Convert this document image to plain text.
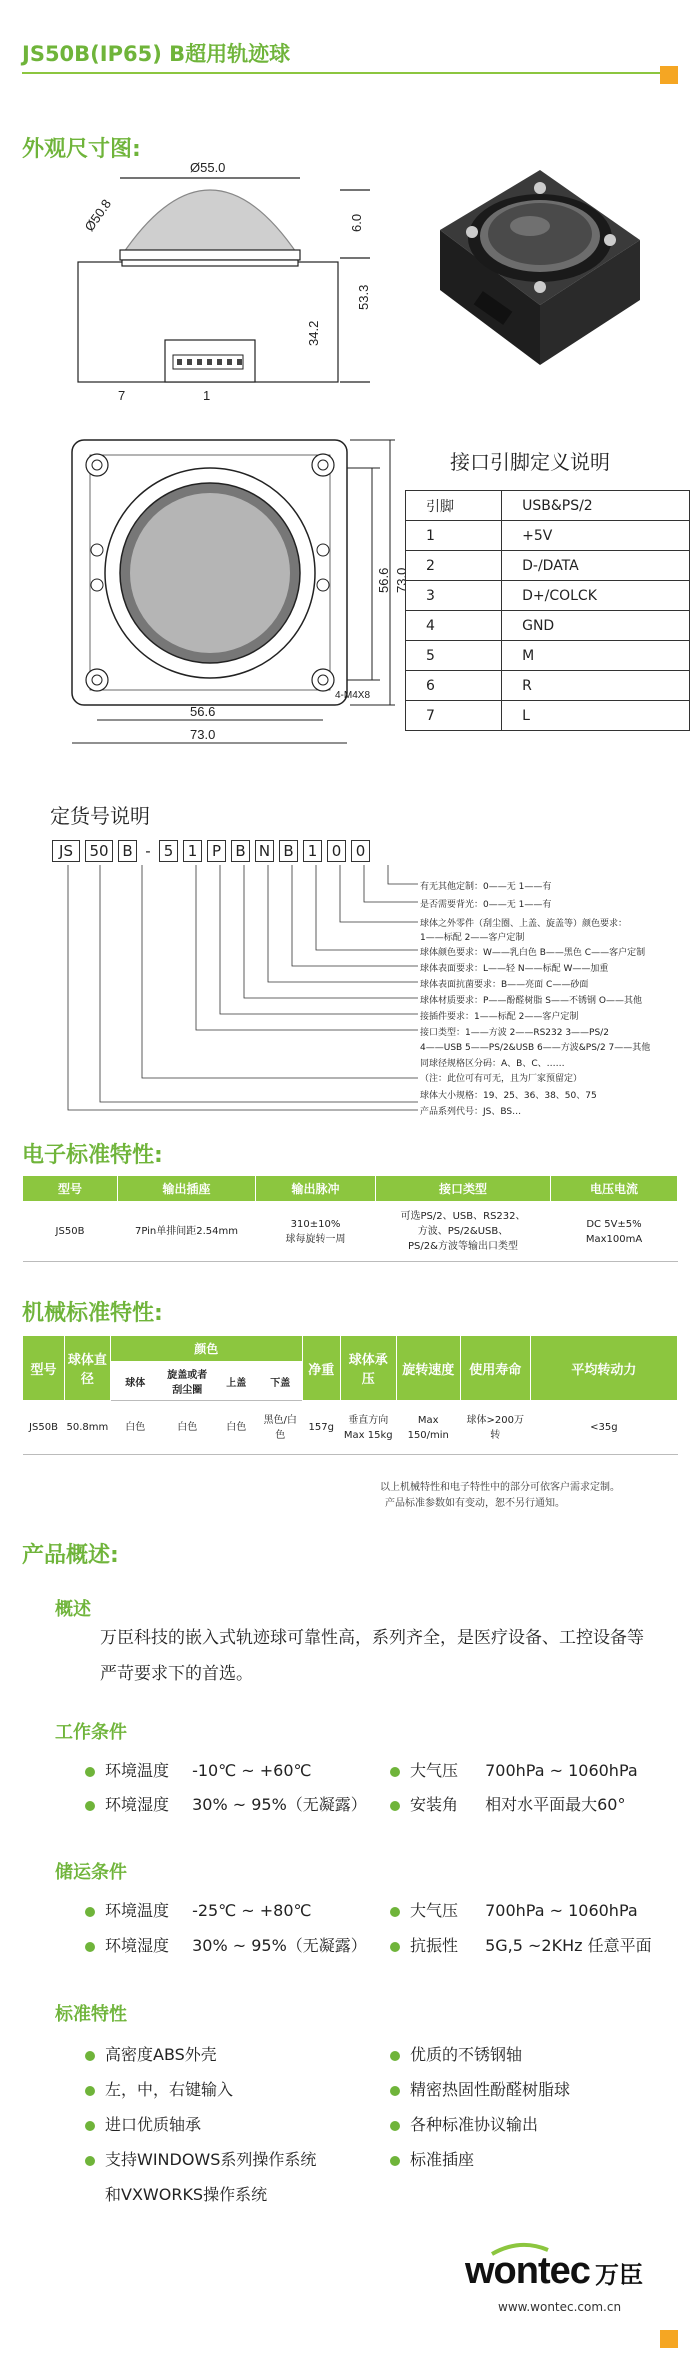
JS50B(IP65) B超用轨迹球
外观尺寸图:
Ø55.0
Ø50.8	6.0
53.3
34.2
7	1
56.6 73.0
56.6
73.0
4-M4X8
接口引脚定义说明
引脚	USB&PS/2
1	+5V
2	D-/DATA
3	D+/COLCK
4	GND
5	M
6	R
7	L
定货号说明
JS 50 B - 5 1 P B N B 1 0 0
有无其他定制：0——无 1——有
是否需要背光：0——无 1——有
球体之外零件（刮尘圈、上盖、旋盖等）颜色要求：
1——标配 2——客户定制
球体颜色要求：W——乳白色 B——黑色 C——客户定制
球体表面要求：L——轻 N——标配 W——加重
球体表面抗菌要求：B——亮面 C——砂面
球体材质要求：P——酚醛树脂 S——不锈钢 O——其他
接插件要求：1——标配 2——客户定制
接口类型：1——方波 2——RS232 3——PS/2
4——USB 5——PS/2&USB 6——方波&PS/2 7——其他
同球径规格区分码：A、B、C、……
（注：此位可有可无，且为厂家预留定）
球体大小规格：19、25、36、38、50、75
产品系列代号：JS、BS…
电子标准特性:
型号	输出插座	输出脉冲	接口类型	电压电流
JS50B	7Pin单排间距2.54mm	310±10%
球每旋转一周	可选PS/2、USB、RS232、
方波、PS/2&USB、
PS/2&方波等输出口类型	DC 5V±5%
Max100mA
机械标准特性:
型号	球体直径	颜色				净重	球体承压	旋转速度	使用寿命	平均转动力
		球体	旋盖或者刮尘圈	上盖	下盖					
JS50B	50.8mm	白色	白色	白色	黑色/白色	157g	垂直方向
Max 15kg	Max
150/min	球体>200万转	<35g
以上机械特性和电子特性中的部分可依客户需求定制。
产品标准参数如有变动，恕不另行通知。
产品概述:
概述
万臣科技的嵌入式轨迹球可靠性高，系列齐全，是医疗设备、工控设备等严苛要求下的首选。
工作条件
环境温度 -10℃ ~ +60℃	大气压 700hPa ~ 1060hPa
环境湿度 30% ~ 95%（无凝露）	安装角 相对水平面最大60°
储运条件
环境温度 -25℃ ~ +80℃	大气压 700hPa ~ 1060hPa
环境湿度 30% ~ 95%（无凝露）	抗振性 5G,5 ~2KHz 任意平面
标准特性
高密度ABS外壳	优质的不锈钢轴
左，中，右键输入	精密热固性酚醛树脂球
进口优质轴承	各种标准协议输出
支持WINDOWS系列操作系统	标准插座
和VXWORKS操作系统
wontec 万臣
www.wontec.com.cn
